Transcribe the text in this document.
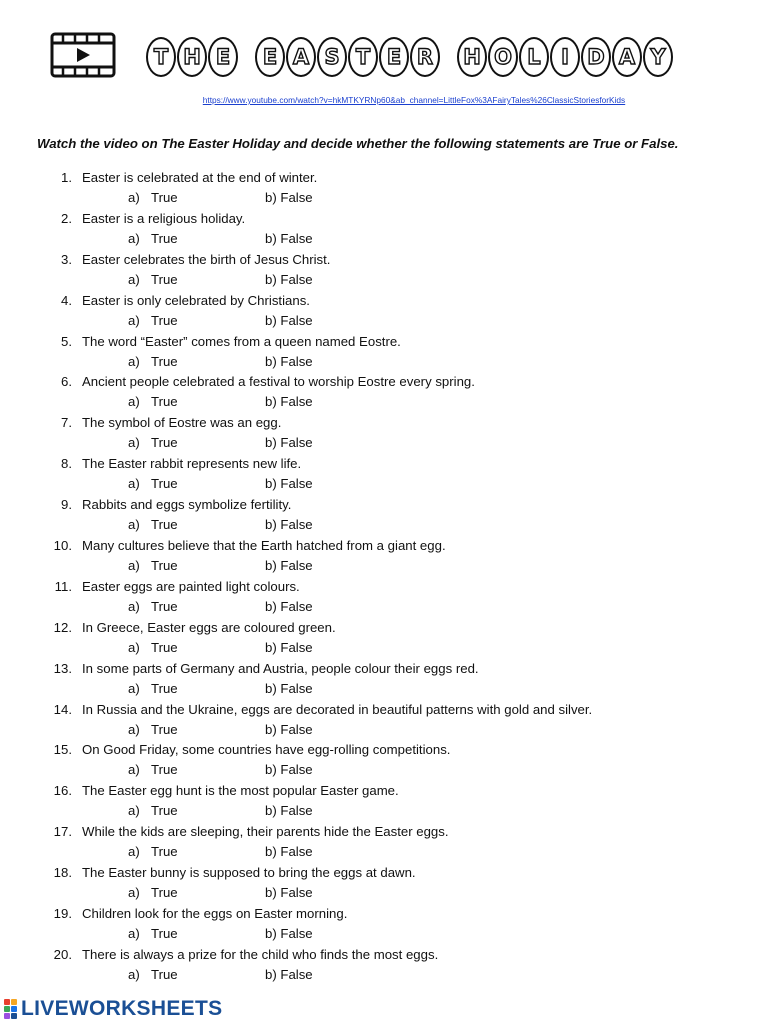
T H E	E A S T E R	H O L I D A Y
https://www.youtube.com/watch?v=hkMTKYRNp60&ab_channel=LittleFox%3AFairyTales%26ClassicStoriesforKids
Watch the video on The Easter Holiday and decide whether the following statements are True or False.
1. Easter is celebrated at the end of winter.
a) True	b) False
2. Easter is a religious holiday.
a) True	b) False
3. Easter celebrates the birth of Jesus Christ.
a) True	b) False
4. Easter is only celebrated by Christians.
a) True	b) False
5. The word “Easter” comes from a queen named Eostre.
a) True	b) False
6. Ancient people celebrated a festival to worship Eostre every spring.
a) True	b) False
7. The symbol of Eostre was an egg.
a) True	b) False
8. The Easter rabbit represents new life.
a) True	b) False
9. Rabbits and eggs symbolize fertility.
a) True	b) False
10. Many cultures believe that the Earth hatched from a giant egg.
a) True	b) False
11. Easter eggs are painted light colours.
a) True	b) False
12. In Greece, Easter eggs are coloured green.
a) True	b) False
13. In some parts of Germany and Austria, people colour their eggs red.
a) True	b) False
14. In Russia and the Ukraine, eggs are decorated in beautiful patterns with gold and silver.
a) True	b) False
15. On Good Friday, some countries have egg-rolling competitions.
a) True	b) False
16. The Easter egg hunt is the most popular Easter game.
a) True	b) False
17. While the kids are sleeping, their parents hide the Easter eggs.
a) True	b) False
18. The Easter bunny is supposed to bring the eggs at dawn.
a) True	b) False
19. Children look for the eggs on Easter morning.
a) True	b) False
20. There is always a prize for the child who finds the most eggs.
a) True	b) False
LIVEWORKSHEETS
